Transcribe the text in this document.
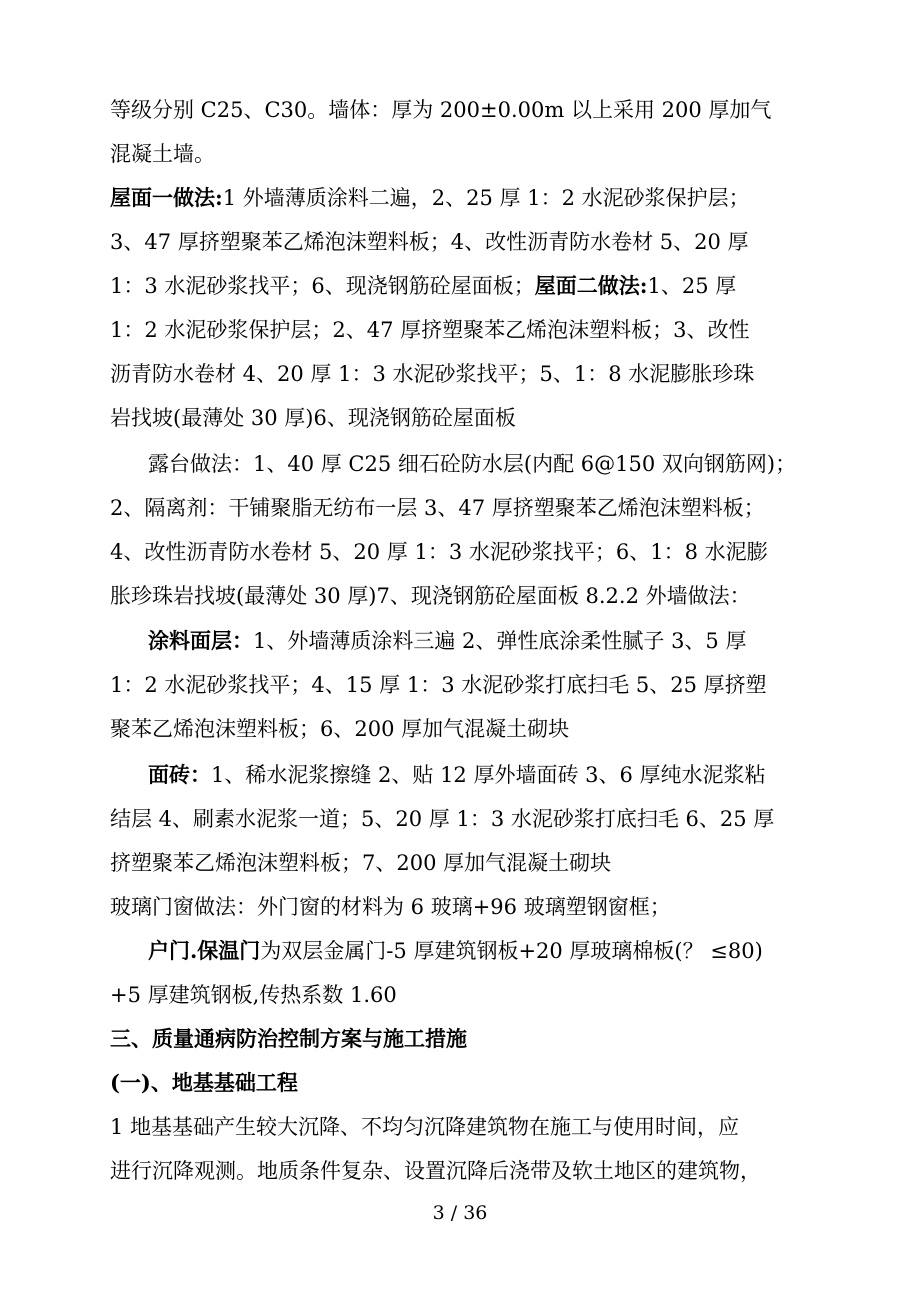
等级分别 C25、C30。墙体：厚为 200±0.00m 以上采用 200 厚加气
混凝土墙。
屋面一做法:1 外墙薄质涂料二遍，2、25 厚 1：2 水泥砂浆保护层；
3、47 厚挤塑聚苯乙烯泡沫塑料板；4、改性沥青防水卷材 5、20 厚
1：3 水泥砂浆找平；6、现浇钢筋砼屋面板；屋面二做法:1、25 厚
1：2 水泥砂浆保护层；2、47 厚挤塑聚苯乙烯泡沫塑料板；3、改性
沥青防水卷材 4、20 厚 1：3 水泥砂浆找平；5、1：8 水泥膨胀珍珠
岩找坡(最薄处 30 厚)6、现浇钢筋砼屋面板
露台做法：1、40 厚 C25 细石砼防水层(内配 6@150 双向钢筋网)；
2、隔离剂：干铺聚脂无纺布一层 3、47 厚挤塑聚苯乙烯泡沫塑料板；
4、改性沥青防水卷材 5、20 厚 1：3 水泥砂浆找平；6、1：8 水泥膨
胀珍珠岩找坡(最薄处 30 厚)7、现浇钢筋砼屋面板 8.2.2 外墙做法：
涂料面层：1、外墙薄质涂料三遍 2、弹性底涂柔性腻子 3、5 厚
1：2 水泥砂浆找平；4、15 厚 1：3 水泥砂浆打底扫毛 5、25 厚挤塑
聚苯乙烯泡沫塑料板；6、200 厚加气混凝土砌块
面砖：1、稀水泥浆擦缝 2、贴 12 厚外墙面砖 3、6 厚纯水泥浆粘
结层 4、刷素水泥浆一道；5、20 厚 1：3 水泥砂浆打底扫毛 6、25 厚
挤塑聚苯乙烯泡沫塑料板；7、200 厚加气混凝土砌块
玻璃门窗做法：外门窗的材料为 6 玻璃+96 玻璃塑钢窗框；
户门.保温门为双层金属门-5 厚建筑钢板+20 厚玻璃棉板(？ ≤80)
+5 厚建筑钢板,传热系数 1.60
三、质量通病防治控制方案与施工措施
(一)、地基基础工程
1 地基基础产生较大沉降、不均匀沉降建筑物在施工与使用时间，应
进行沉降观测。地质条件复杂、设置沉降后浇带及软土地区的建筑物，
3 / 36
